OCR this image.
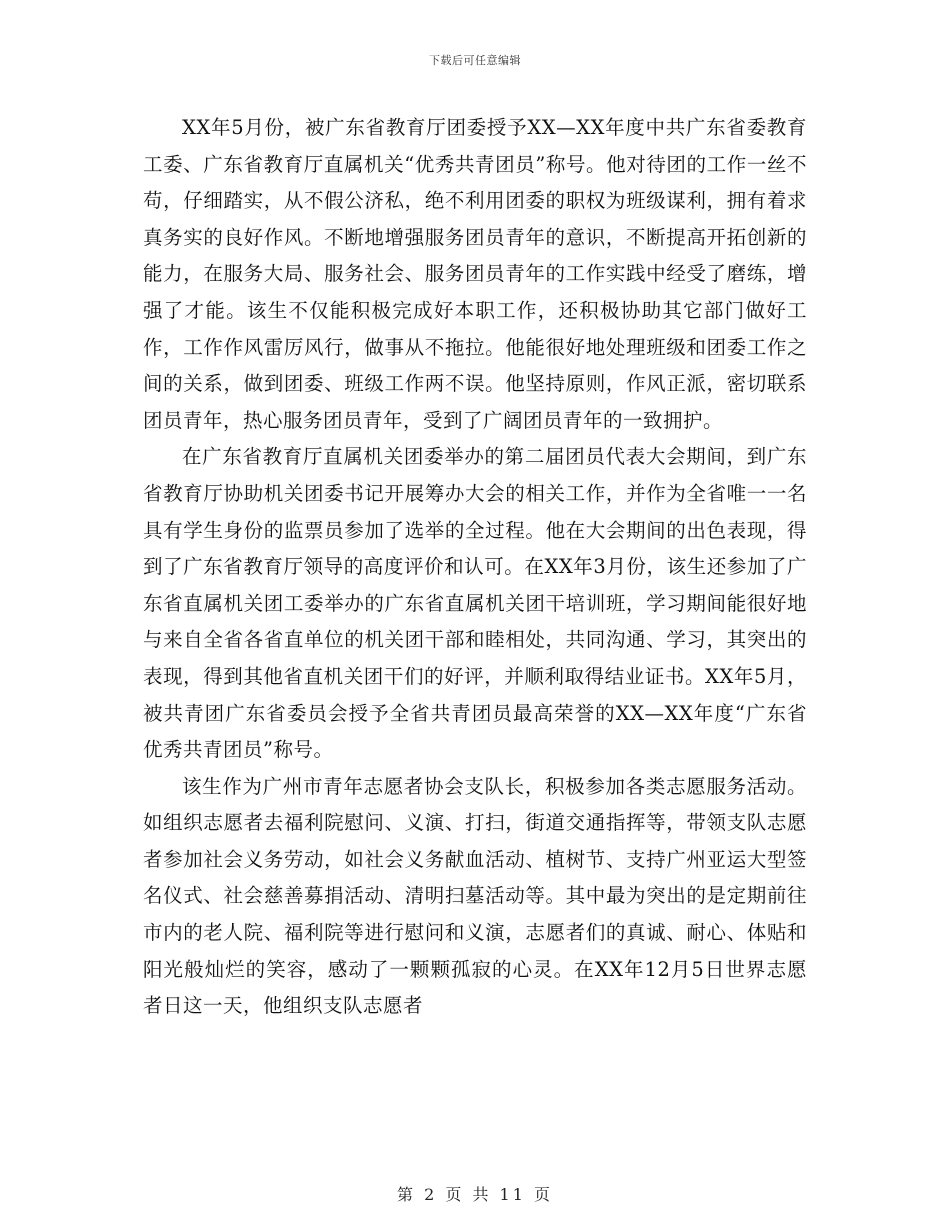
下载后可任意编辑

XX年5月份，被广东省教育厅团委授予XX—XX年度中共广东省委教育工委、广东省教育厅直属机关“优秀共青团员”称号。他对待团的工作一丝不苟，仔细踏实，从不假公济私，绝不利用团委的职权为班级谋利，拥有着求真务实的良好作风。不断地增强服务团员青年的意识，不断提高开拓创新的能力，在服务大局、服务社会、服务团员青年的工作实践中经受了磨练，增强了才能。该生不仅能积极完成好本职工作，还积极协助其它部门做好工作，工作作风雷厉风行，做事从不拖拉。他能很好地处理班级和团委工作之间的关系，做到团委、班级工作两不误。他坚持原则，作风正派，密切联系团员青年，热心服务团员青年，受到了广阔团员青年的一致拥护。

在广东省教育厅直属机关团委举办的第二届团员代表大会期间，到广东省教育厅协助机关团委书记开展筹办大会的相关工作，并作为全省唯一一名具有学生身份的监票员参加了选举的全过程。他在大会期间的出色表现，得到了广东省教育厅领导的高度评价和认可。在XX年3月份，该生还参加了广东省直属机关团工委举办的广东省直属机关团干培训班，学习期间能很好地与来自全省各省直单位的机关团干部和睦相处，共同沟通、学习，其突出的表现，得到其他省直机关团干们的好评，并顺利取得结业证书。XX年5月，被共青团广东省委员会授予全省共青团员最高荣誉的XX—XX年度“广东省优秀共青团员”称号。

该生作为广州市青年志愿者协会支队长，积极参加各类志愿服务活动。如组织志愿者去福利院慰问、义演、打扫，街道交通指挥等，带领支队志愿者参加社会义务劳动，如社会义务献血活动、植树节、支持广州亚运大型签名仪式、社会慈善募捐活动、清明扫墓活动等。其中最为突出的是定期前往市内的老人院、福利院等进行慰问和义演，志愿者们的真诚、耐心、体贴和阳光般灿烂的笑容，感动了一颗颗孤寂的心灵。在XX年12月5日世界志愿者日这一天，他组织支队志愿者

第 2 页 共 11 页
